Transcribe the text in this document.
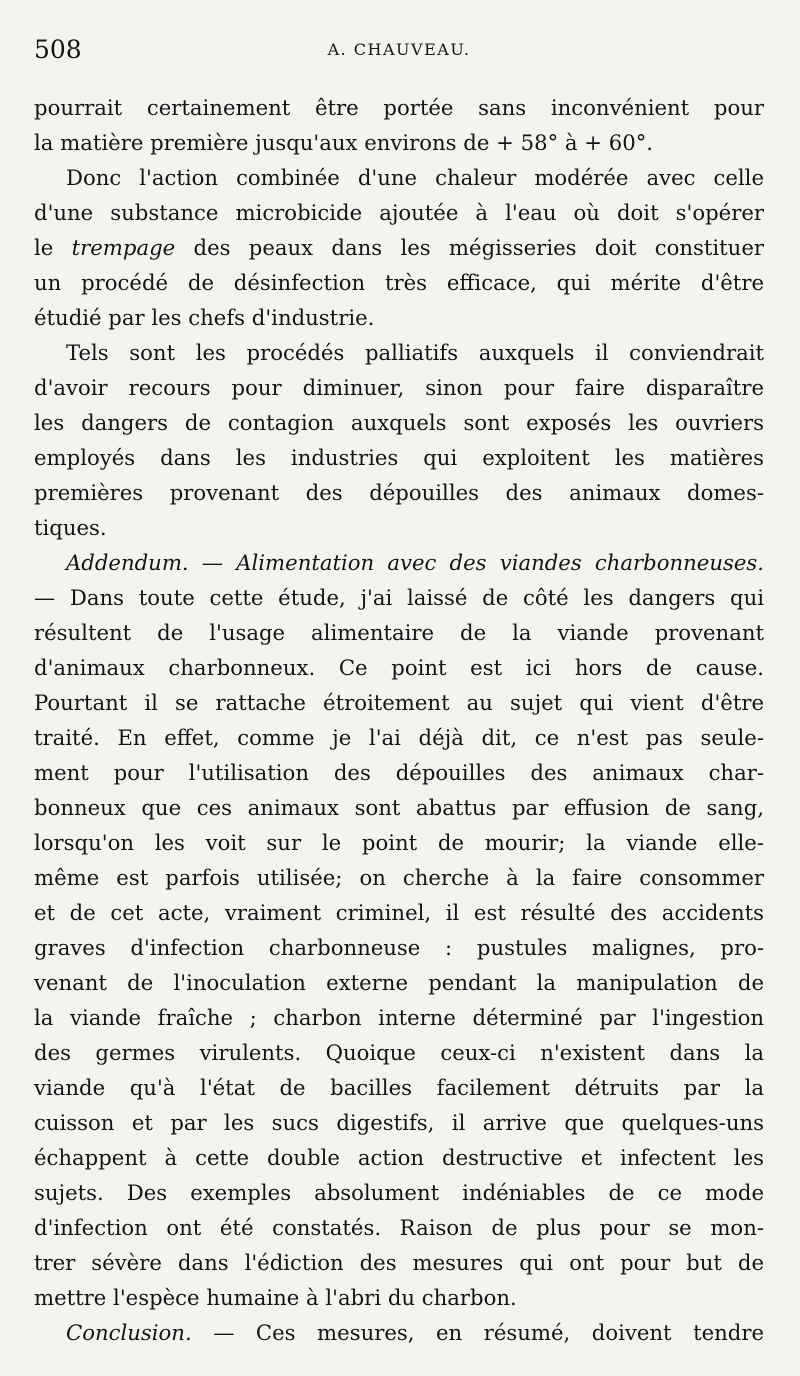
508	A. CHAUVEAU.
pourrait certainement être portée sans inconvénient pour
la matière première jusqu'aux environs de + 58° à + 60°.
Donc l'action combinée d'une chaleur modérée avec celle
d'une substance microbicide ajoutée à l'eau où doit s'opérer
le trempage des peaux dans les mégisseries doit constituer
un procédé de désinfection très efficace, qui mérite d'être
étudié par les chefs d'industrie.
Tels sont les procédés palliatifs auxquels il conviendrait
d'avoir recours pour diminuer, sinon pour faire disparaître
les dangers de contagion auxquels sont exposés les ouvriers
employés dans les industries qui exploitent les matières
premières provenant des dépouilles des animaux domes-
tiques.
Addendum. — Alimentation avec des viandes charbonneuses.
— Dans toute cette étude, j'ai laissé de côté les dangers qui
résultent de l'usage alimentaire de la viande provenant
d'animaux charbonneux. Ce point est ici hors de cause.
Pourtant il se rattache étroitement au sujet qui vient d'être
traité. En effet, comme je l'ai déjà dit, ce n'est pas seule-
ment pour l'utilisation des dépouilles des animaux char-
bonneux que ces animaux sont abattus par effusion de sang,
lorsqu'on les voit sur le point de mourir; la viande elle-
même est parfois utilisée; on cherche à la faire consommer
et de cet acte, vraiment criminel, il est résulté des accidents
graves d'infection charbonneuse : pustules malignes, pro-
venant de l'inoculation externe pendant la manipulation de
la viande fraîche ; charbon interne déterminé par l'ingestion
des germes virulents. Quoique ceux-ci n'existent dans la
viande qu'à l'état de bacilles facilement détruits par la
cuisson et par les sucs digestifs, il arrive que quelques-uns
échappent à cette double action destructive et infectent les
sujets. Des exemples absolument indéniables de ce mode
d'infection ont été constatés. Raison de plus pour se mon-
trer sévère dans l'édiction des mesures qui ont pour but de
mettre l'espèce humaine à l'abri du charbon.
Conclusion. — Ces mesures, en résumé, doivent tendre
